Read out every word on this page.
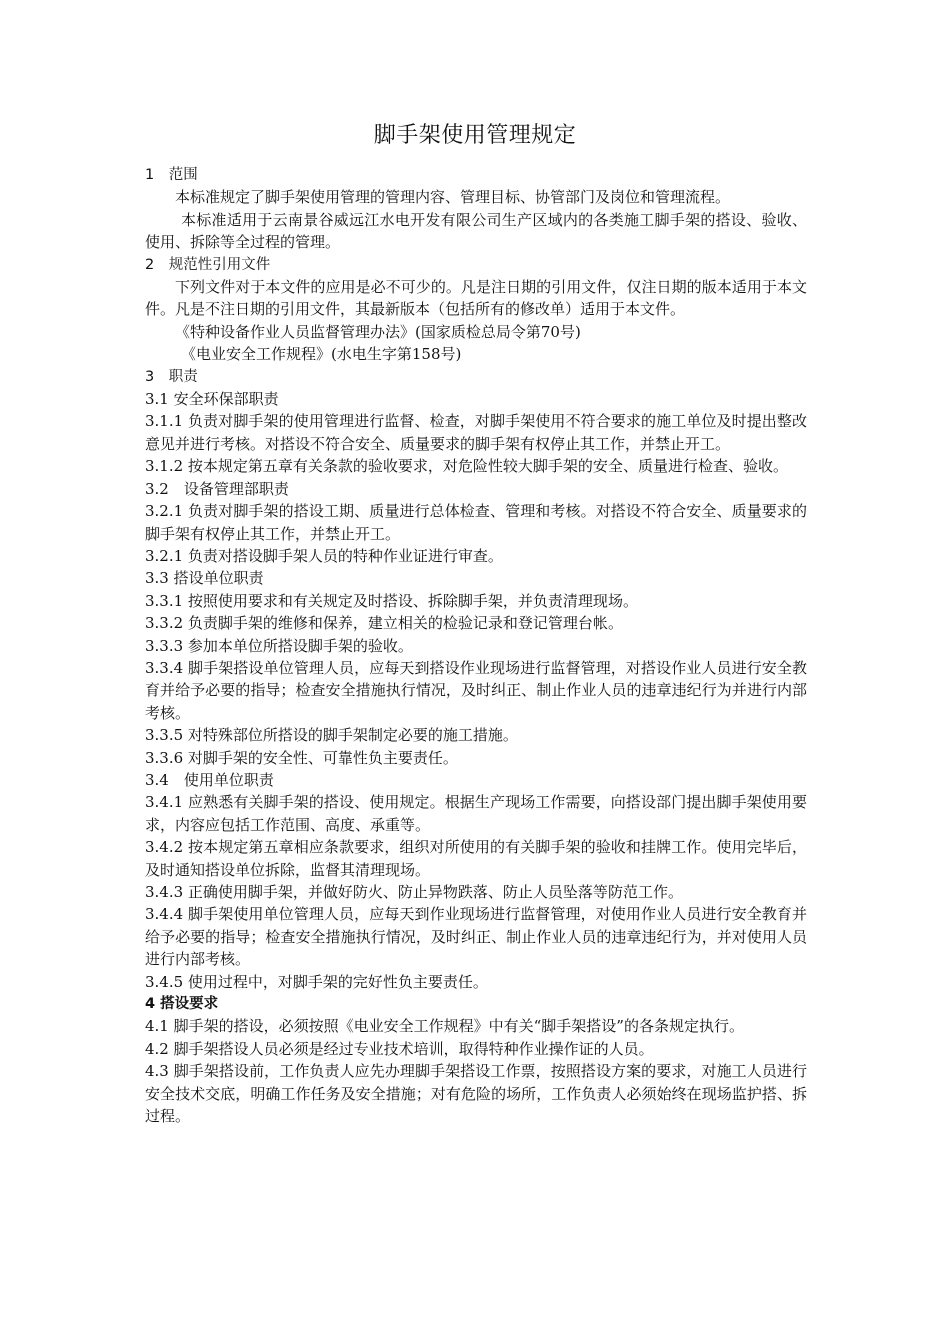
脚手架使用管理规定

1　范围

本标准规定了脚手架使用管理的管理内容、管理目标、协管部门及岗位和管理流程。

本标准适用于云南景谷威远江水电开发有限公司生产区域内的各类施工脚手架的搭设、验收、使用、拆除等全过程的管理。

2　规范性引用文件

下列文件对于本文件的应用是必不可少的。凡是注日期的引用文件，仅注日期的版本适用于本文件。凡是不注日期的引用文件，其最新版本（包括所有的修改单）适用于本文件。

《特种设备作业人员监督管理办法》(国家质检总局令第70号)

《电业安全工作规程》(水电生字第158号)

3　职责

3.1 安全环保部职责

3.1.1 负责对脚手架的使用管理进行监督、检查，对脚手架使用不符合要求的施工单位及时提出整改意见并进行考核。对搭设不符合安全、质量要求的脚手架有权停止其工作，并禁止开工。

3.1.2 按本规定第五章有关条款的验收要求，对危险性较大脚手架的安全、质量进行检查、验收。

3.2　设备管理部职责

3.2.1 负责对脚手架的搭设工期、质量进行总体检查、管理和考核。对搭设不符合安全、质量要求的脚手架有权停止其工作，并禁止开工。

3.2.1 负责对搭设脚手架人员的特种作业证进行审查。

3.3 搭设单位职责

3.3.1 按照使用要求和有关规定及时搭设、拆除脚手架，并负责清理现场。

3.3.2 负责脚手架的维修和保养，建立相关的检验记录和登记管理台帐。

3.3.3 参加本单位所搭设脚手架的验收。

3.3.4 脚手架搭设单位管理人员，应每天到搭设作业现场进行监督管理，对搭设作业人员进行安全教育并给予必要的指导；检查安全措施执行情况，及时纠正、制止作业人员的违章违纪行为并进行内部考核。

3.3.5 对特殊部位所搭设的脚手架制定必要的施工措施。

3.3.6 对脚手架的安全性、可靠性负主要责任。

3.4　使用单位职责

3.4.1 应熟悉有关脚手架的搭设、使用规定。根据生产现场工作需要，向搭设部门提出脚手架使用要求，内容应包括工作范围、高度、承重等。

3.4.2 按本规定第五章相应条款要求，组织对所使用的有关脚手架的验收和挂牌工作。使用完毕后，及时通知搭设单位拆除，监督其清理现场。

3.4.3 正确使用脚手架，并做好防火、防止异物跌落、防止人员坠落等防范工作。

3.4.4 脚手架使用单位管理人员，应每天到作业现场进行监督管理，对使用作业人员进行安全教育并给予必要的指导；检查安全措施执行情况，及时纠正、制止作业人员的违章违纪行为，并对使用人员进行内部考核。

3.4.5 使用过程中，对脚手架的完好性负主要责任。

4 搭设要求

4.1 脚手架的搭设，必须按照《电业安全工作规程》中有关“脚手架搭设”的各条规定执行。

4.2 脚手架搭设人员必须是经过专业技术培训，取得特种作业操作证的人员。

4.3 脚手架搭设前，工作负责人应先办理脚手架搭设工作票，按照搭设方案的要求，对施工人员进行安全技术交底，明确工作任务及安全措施；对有危险的场所，工作负责人必须始终在现场监护搭、拆过程。
